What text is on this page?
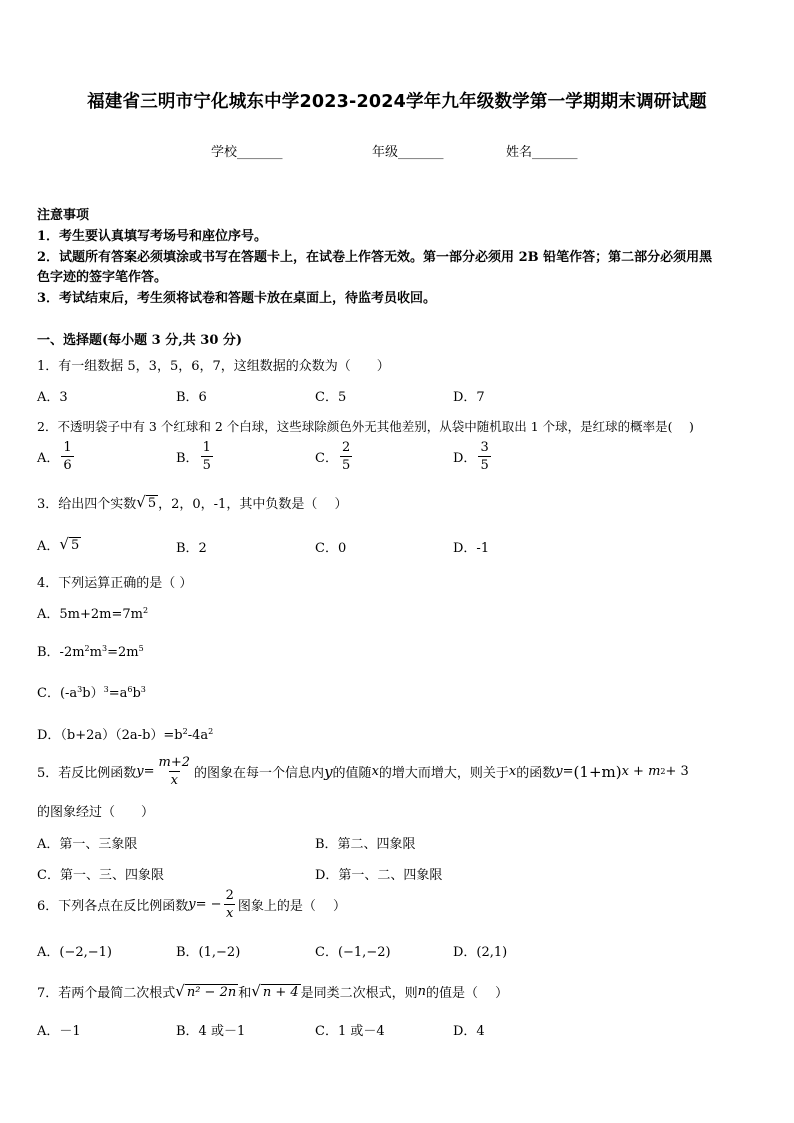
福建省三明市宁化城东中学2023-2024学年九年级数学第一学期期末调研试题
学校_______	年级_______	姓名_______
注意事项
1．考生要认真填写考场号和座位序号。
2．试题所有答案必须填涂或书写在答题卡上，在试卷上作答无效。第一部分必须用 2B 铅笔作答；第二部分必须用黑
色字迹的签字笔作答。
3．考试结束后，考生须将试卷和答题卡放在桌面上，待监考员收回。
一、选择题(每小题 3 分,共 30 分)
1．有一组数据 5，3，5，6，7，这组数据的众数为（　　）
A．3	B．6	C．5	D．7
2．不透明袋子中有 3 个红球和 2 个白球，这些球除颜色外无其他差别，从袋中随机取出 1 个球，是红球的概率是(　 )
A． $\frac{1}{6}$	B． $\frac{1}{5}$	C． $\frac{2}{5}$	D． $\frac{3}{5}$
3．给出四个实数 √ 5 ，2，0，-1，其中负数是（　 ）
A． √ 5	B．2	C．0	D．-1
4．下列运算正确的是（ ）
A．$5m+2m=7m^2$
B．$-2m^2m^3=2m^5$
C．$(-a^3b)^3=a^6b^3$
D．$(b+2a)(2a-b)=b^2-4a^2$
5．若反比例函数 $y = \frac{m+2}{x}$ 的图象在每一个信息内 y 的值随 x 的增大而增大，则关于 x 的函数 y = (1+m) x + m 2 + 3
的图象经过（　　）
A．第一、三象限	B．第二、四象限
C．第一、三、四象限	D．第一、二、四象限
6．下列各点在反比例函数 y = − $\frac{2}{x}$ 图象上的是（　 ）
A．(−2,−1)	B．(1,−2)	C．(−1,−2)	D．(2,1)
7．若两个最简二次根式 √ n² − 2n 和 √ n + 4 是同类二次根式，则 n 的值是（　 ）
A．－1	B．4 或－1	C．1 或－4	D．4
